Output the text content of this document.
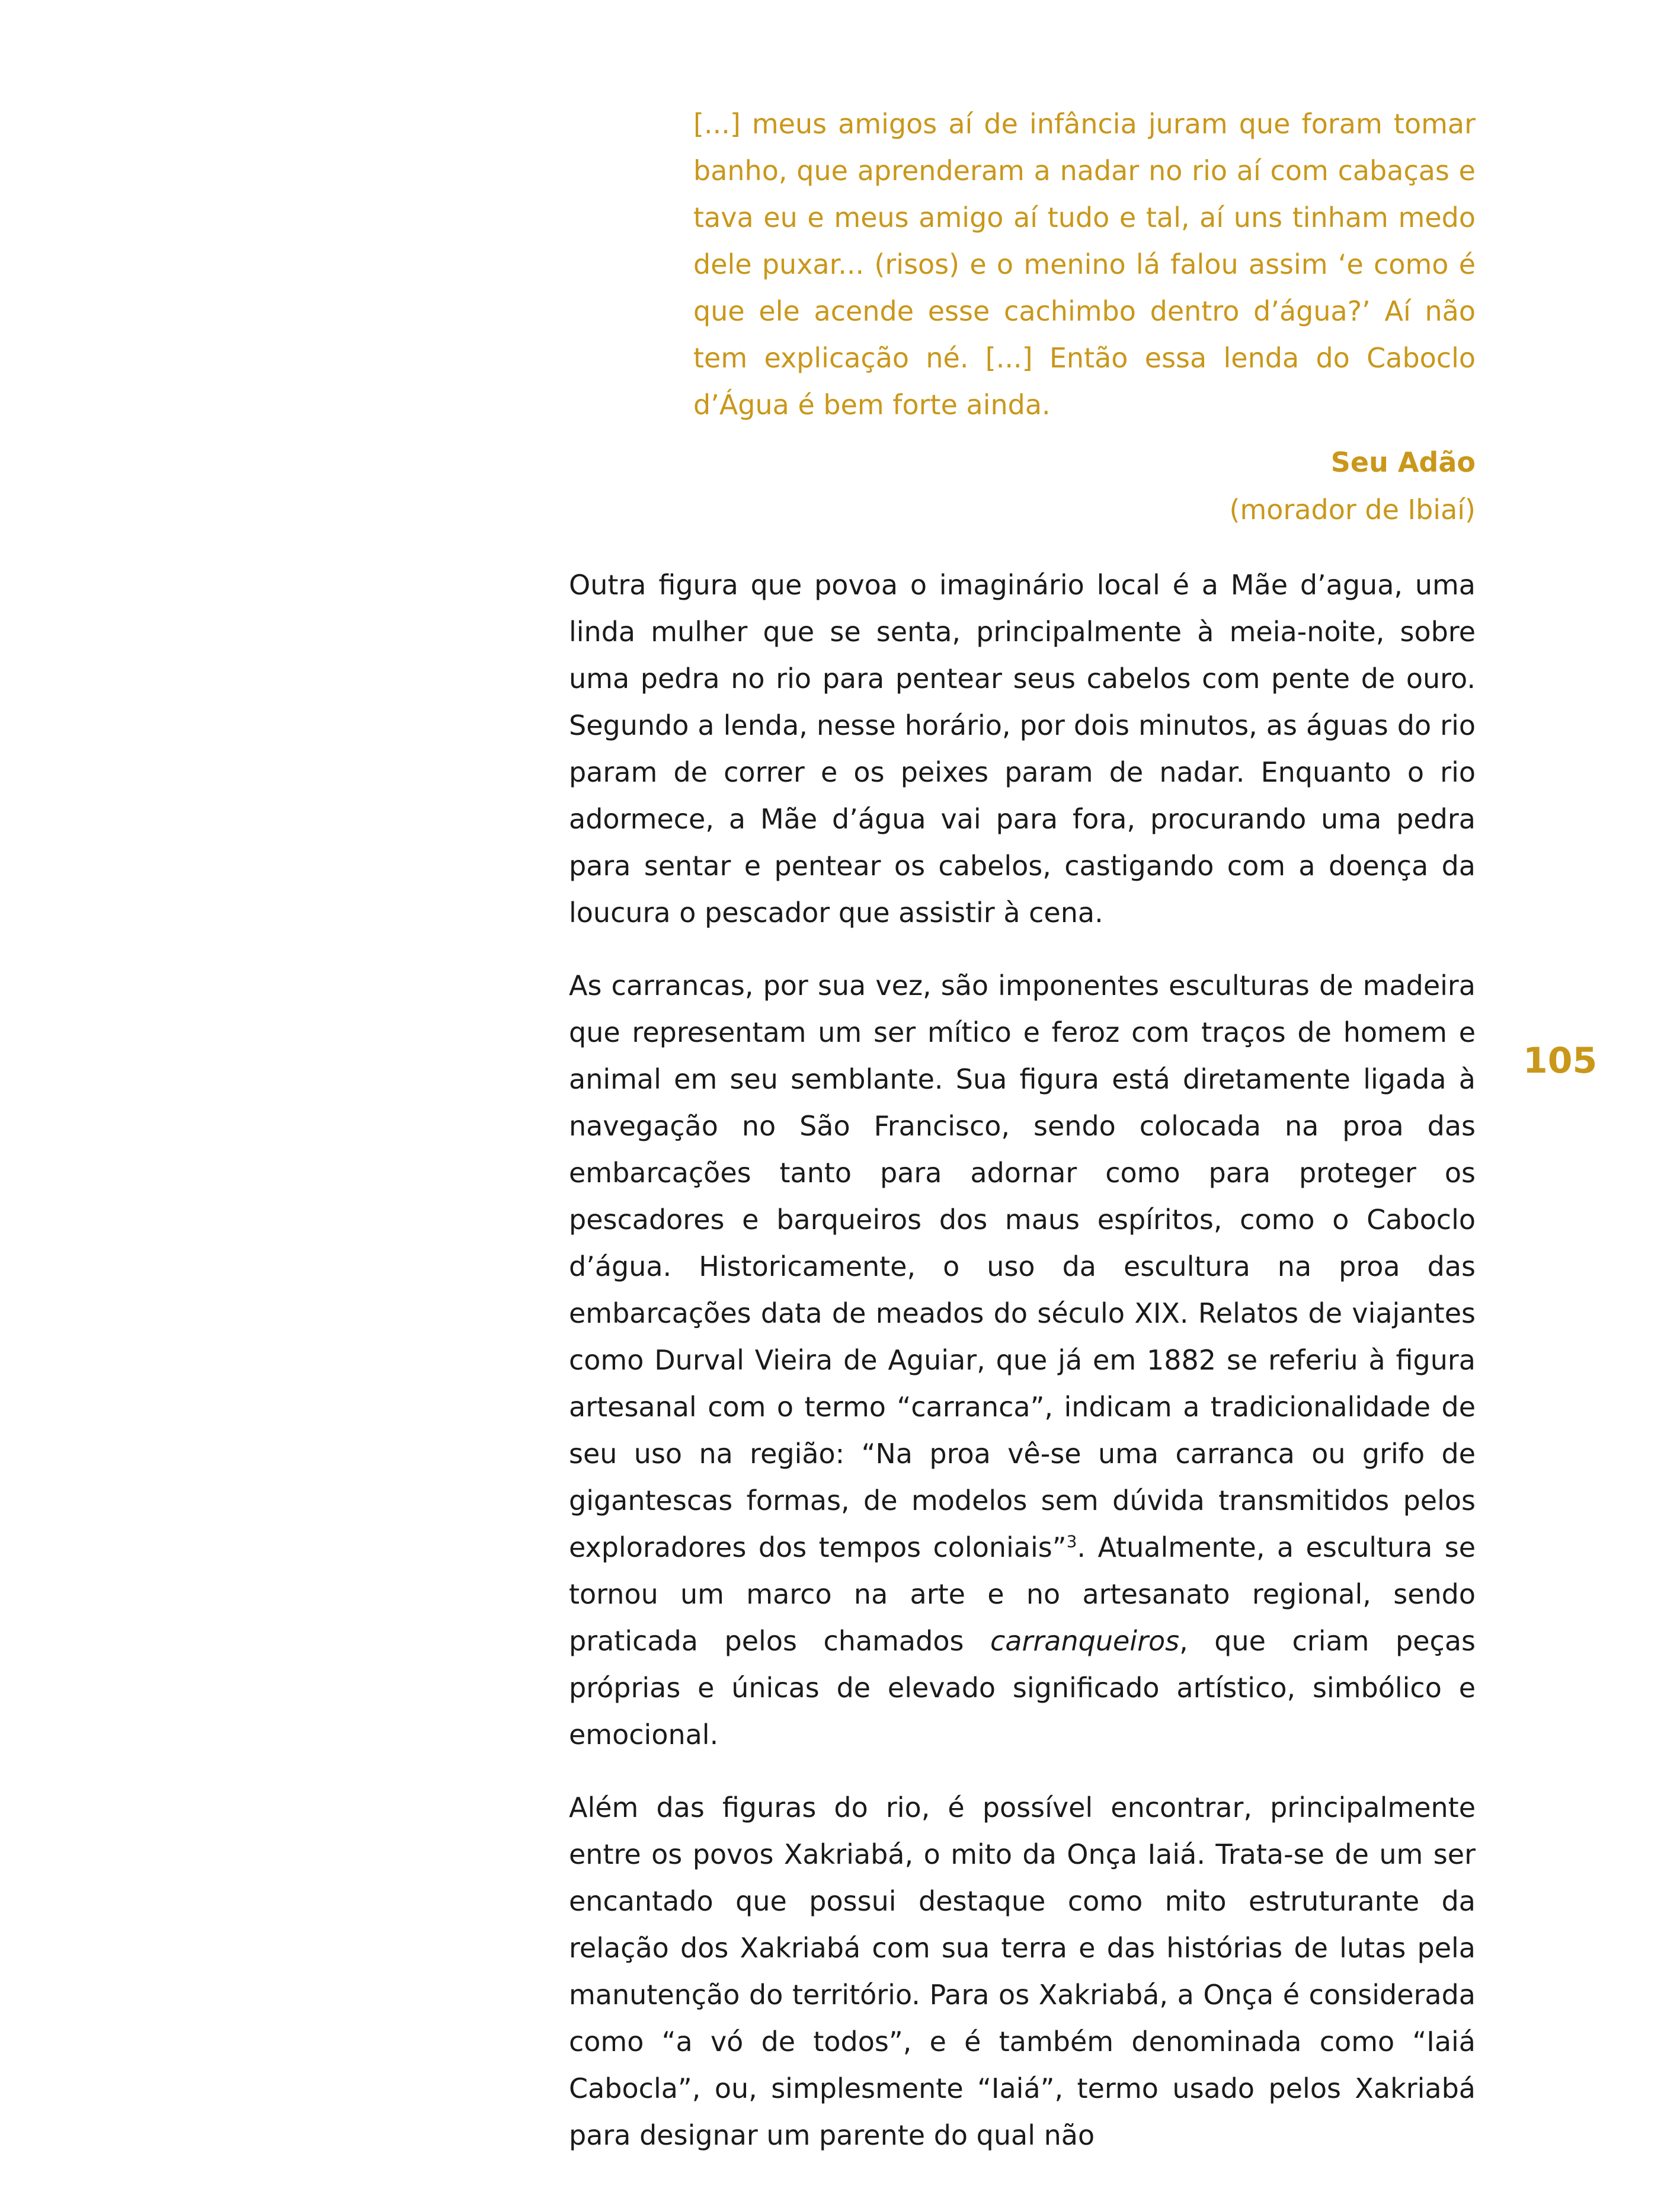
[...] meus amigos aí de infância juram que foram tomar banho, que aprenderam a nadar no rio aí com cabaças e tava eu e meus amigo aí tudo e tal, aí uns tinham medo dele puxar... (risos) e o menino lá falou assim ‘e como é que ele acende esse cachimbo dentro d’água?’ Aí não tem explicação né. [...] Então essa lenda do Caboclo d’Água é bem forte ainda.

Seu Adão
(morador de Ibiaí)

Outra figura que povoa o imaginário local é a Mãe d’agua, uma linda mulher que se senta, principalmente à meia-noite, sobre uma pedra no rio para pentear seus cabelos com pente de ouro. Segundo a lenda, nesse horário, por dois minutos, as águas do rio param de correr e os peixes param de nadar. Enquanto o rio adormece, a Mãe d’água vai para fora, procurando uma pedra para sentar e pentear os cabelos, castigando com a doença da loucura o pescador que assistir à cena.

As carrancas, por sua vez, são imponentes esculturas de madeira que representam um ser mítico e feroz com traços de homem e animal em seu semblante. Sua figura está diretamente ligada à navegação no São Francisco, sendo colocada na proa das embarcações tanto para adornar como para proteger os pescadores e barqueiros dos maus espíritos, como o Caboclo d’água. Historicamente, o uso da escultura na proa das embarcações data de meados do século XIX. Relatos de viajantes como Durval Vieira de Aguiar, que já em 1882 se referiu à figura artesanal com o termo “carranca”, indicam a tradicionalidade de seu uso na região: “Na proa vê-se uma carranca ou grifo de gigantescas formas, de modelos sem dúvida transmitidos pelos exploradores dos tempos coloniais”$^3$. Atualmente, a escultura se tornou um marco na arte e no artesanato regional, sendo praticada pelos chamados carranqueiros, que criam peças próprias e únicas de elevado significado artístico, simbólico e emocional.

Além das figuras do rio, é possível encontrar, principalmente entre os povos Xakriabá, o mito da Onça Iaiá. Trata-se de um ser encantado que possui destaque como mito estruturante da relação dos Xakriabá com sua terra e das histórias de lutas pela manutenção do território. Para os Xakriabá, a Onça é considerada como “a vó de todos”, e é também denominada como “Iaiá Cabocla”, ou, simplesmente “Iaiá”, termo usado pelos Xakriabá para designar um parente do qual não

105
